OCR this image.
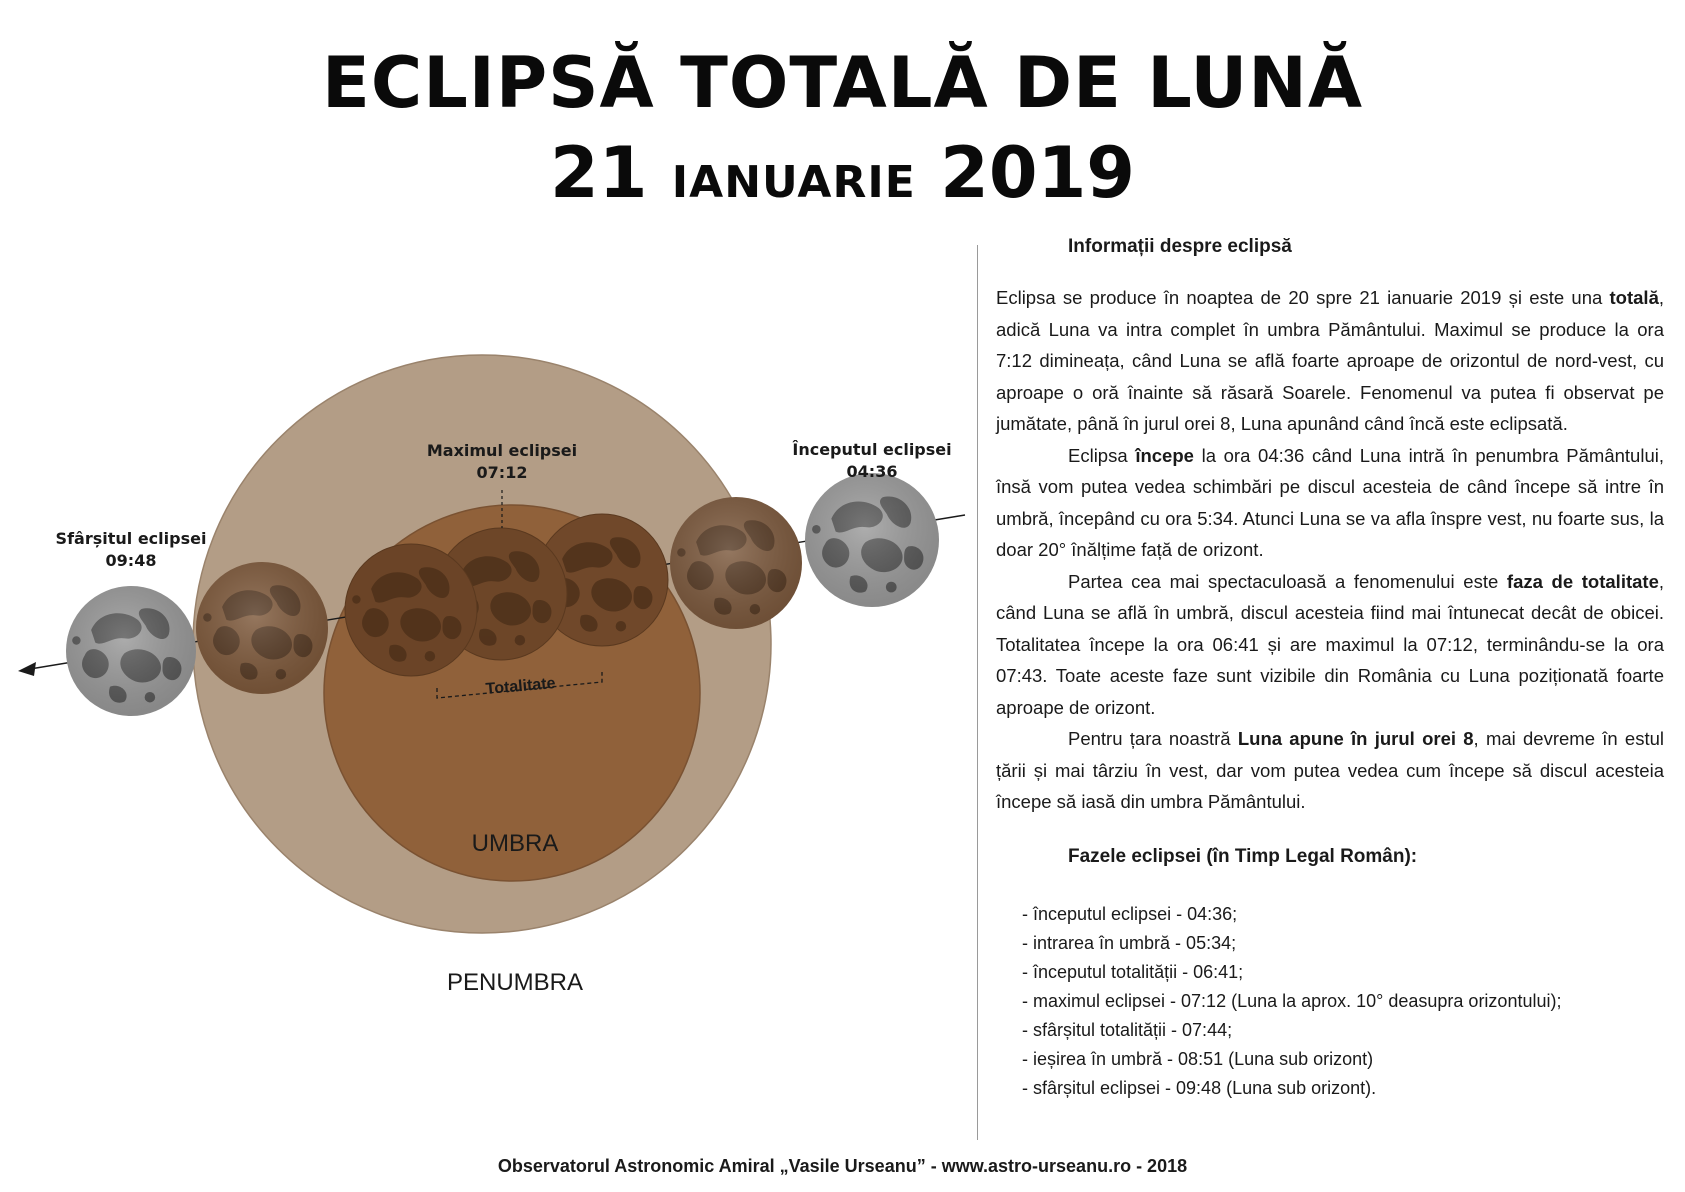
ECLIPSĂ TOTALĂ DE LUNĂ
21 IANUARIE 2019
Totalitate
Maximul eclipsei
07:12
Începutul eclipsei
04:36
Sfârșitul eclipsei
09:48
UMBRA
PENUMBRA
Informații despre eclipsă

Eclipsa se produce în noaptea de 20 spre 21 ianuarie 2019 și este una totală, adică Luna va intra complet în umbra Pământului. Maximul se produce la ora 7:12 dimineața, când Luna se află foarte aproape de orizontul de nord-vest, cu aproape o oră înainte să răsară Soarele. Fenomenul va putea fi observat pe jumătate, până în jurul orei 8, Luna apunând când încă este eclipsată.

Eclipsa începe la ora 04:36 când Luna intră în penumbra Pământului, însă vom putea vedea schimbări pe discul acesteia de când începe să intre în umbră, începând cu ora 5:34. Atunci Luna se va afla înspre vest, nu foarte sus, la doar 20° înălțime față de orizont.

Partea cea mai spectaculoasă a fenomenului este faza de totalitate, când Luna se află în umbră, discul acesteia fiind mai întunecat decât de obicei. Totalitatea începe la ora 06:41 și are maximul la 07:12, terminându-se la ora 07:43. Toate aceste faze sunt vizibile din România cu Luna poziționată foarte aproape de orizont.

Pentru țara noastră Luna apune în jurul orei 8, mai devreme în estul țării și mai târziu în vest, dar vom putea vedea cum începe să discul acesteia începe să iasă din umbra Pământului.

Fazele eclipsei (în Timp Legal Român):
- începutul eclipsei - 04:36;
- intrarea în umbră - 05:34;
- începutul totalității - 06:41;
- maximul eclipsei - 07:12 (Luna la aprox. 10° deasupra orizontului);
- sfârșitul totalității - 07:44;
- ieșirea în umbră - 08:51 (Luna sub orizont)
- sfârșitul eclipsei - 09:48 (Luna sub orizont).
Observatorul Astronomic Amiral „Vasile Urseanu” - www.astro-urseanu.ro - 2018
